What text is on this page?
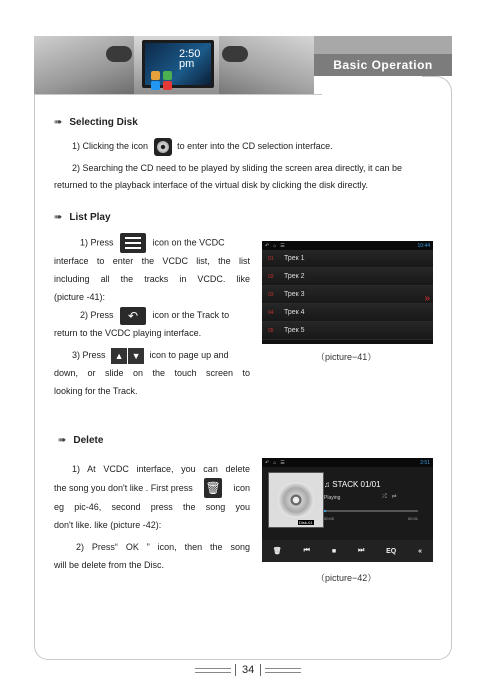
2:50
pm	Basic Operation
➠ Selecting Disk
1) Clicking the icon	to enter into the CD selection interface.
2) Searching the CD need to be played by sliding the screen area directly, it can be returned to the playback interface of the virtual disk by clicking the disk directly.
➠ List Play
1) Press	icon on the VCDC
interface to enter the VCDC list, the list
including all the tracks in VCDC. like
(picture -41):
2) Press ↶ icon or the Track to
return to the VCDC playing interface.
3) Press	▲ ▼	icon to page up and
down, or slide on the touch screen to
looking for the Track.
↶ ⌂ ☰	10:44
01	Трек 1
02	Трек 2
03	Трек 3
04	Трек 4
05	Трек 5
»
（picture−41）
➠ Delete
1) At VCDC interface, you can delete
the song you don't like . First press 🗑 icon
eg pic-46, second press the song you
don't like. like (picture -42):
2) Press“ OK ” icon, then the song
will be delete from the Disc.
↶ ⌂ ☰	2:51
Disk-01
♫ STACK 01/01
Playing	⤮   ⇄
00:00	00:31
🗑	⏮	■	⏭	EQ	«
（picture−42）
34
